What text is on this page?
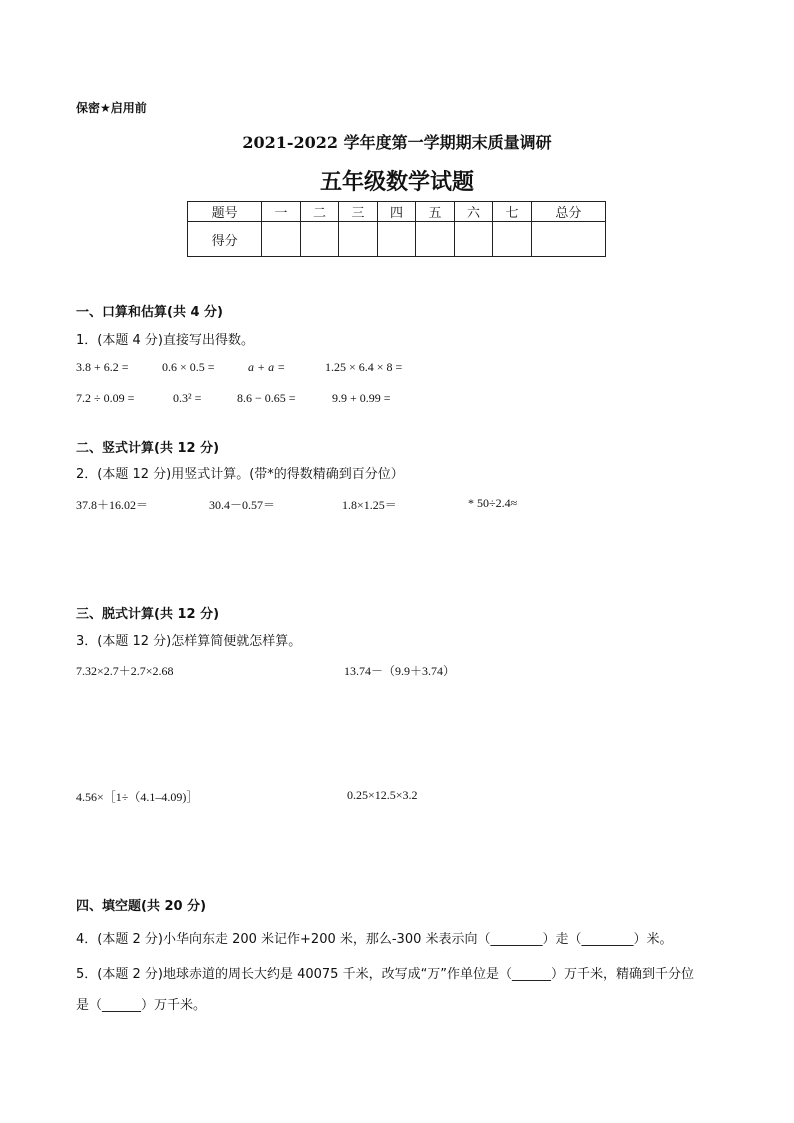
保密★启用前
2021-2022 学年度第一学期期末质量调研
五年级数学试题
题号	一	二	三	四	五	六	七	总分
得分								
一、口算和估算(共 4 分)
1．(本题 4 分)直接写出得数。
3.8 + 6.2 =	0.6 × 0.5 =	a + a =	1.25 × 6.4 × 8 =
7.2 ÷ 0.09 =	0.3² =	8.6 − 0.65 =	9.9 + 0.99 =
二、竖式计算(共 12 分)
2．(本题 12 分)用竖式计算。(带*的得数精确到百分位）
37.8＋16.02＝	30.4－0.57＝	1.8×1.25＝	* 50÷2.4≈
三、脱式计算(共 12 分)
3．(本题 12 分)怎样算简便就怎样算。
7.32×2.7＋2.7×2.68	13.74－（9.9＋3.74）
4.56×［1÷（4.1–4.09)］	0.25×12.5×3.2
四、填空题(共 20 分)
4．(本题 2 分)小华向东走 200 米记作+200 米，那么-300 米表示向（________）走（________）米。
5．(本题 2 分)地球赤道的周长大约是 40075 千米，改写成“万”作单位是（______）万千米，精确到千分位
是（______）万千米。
